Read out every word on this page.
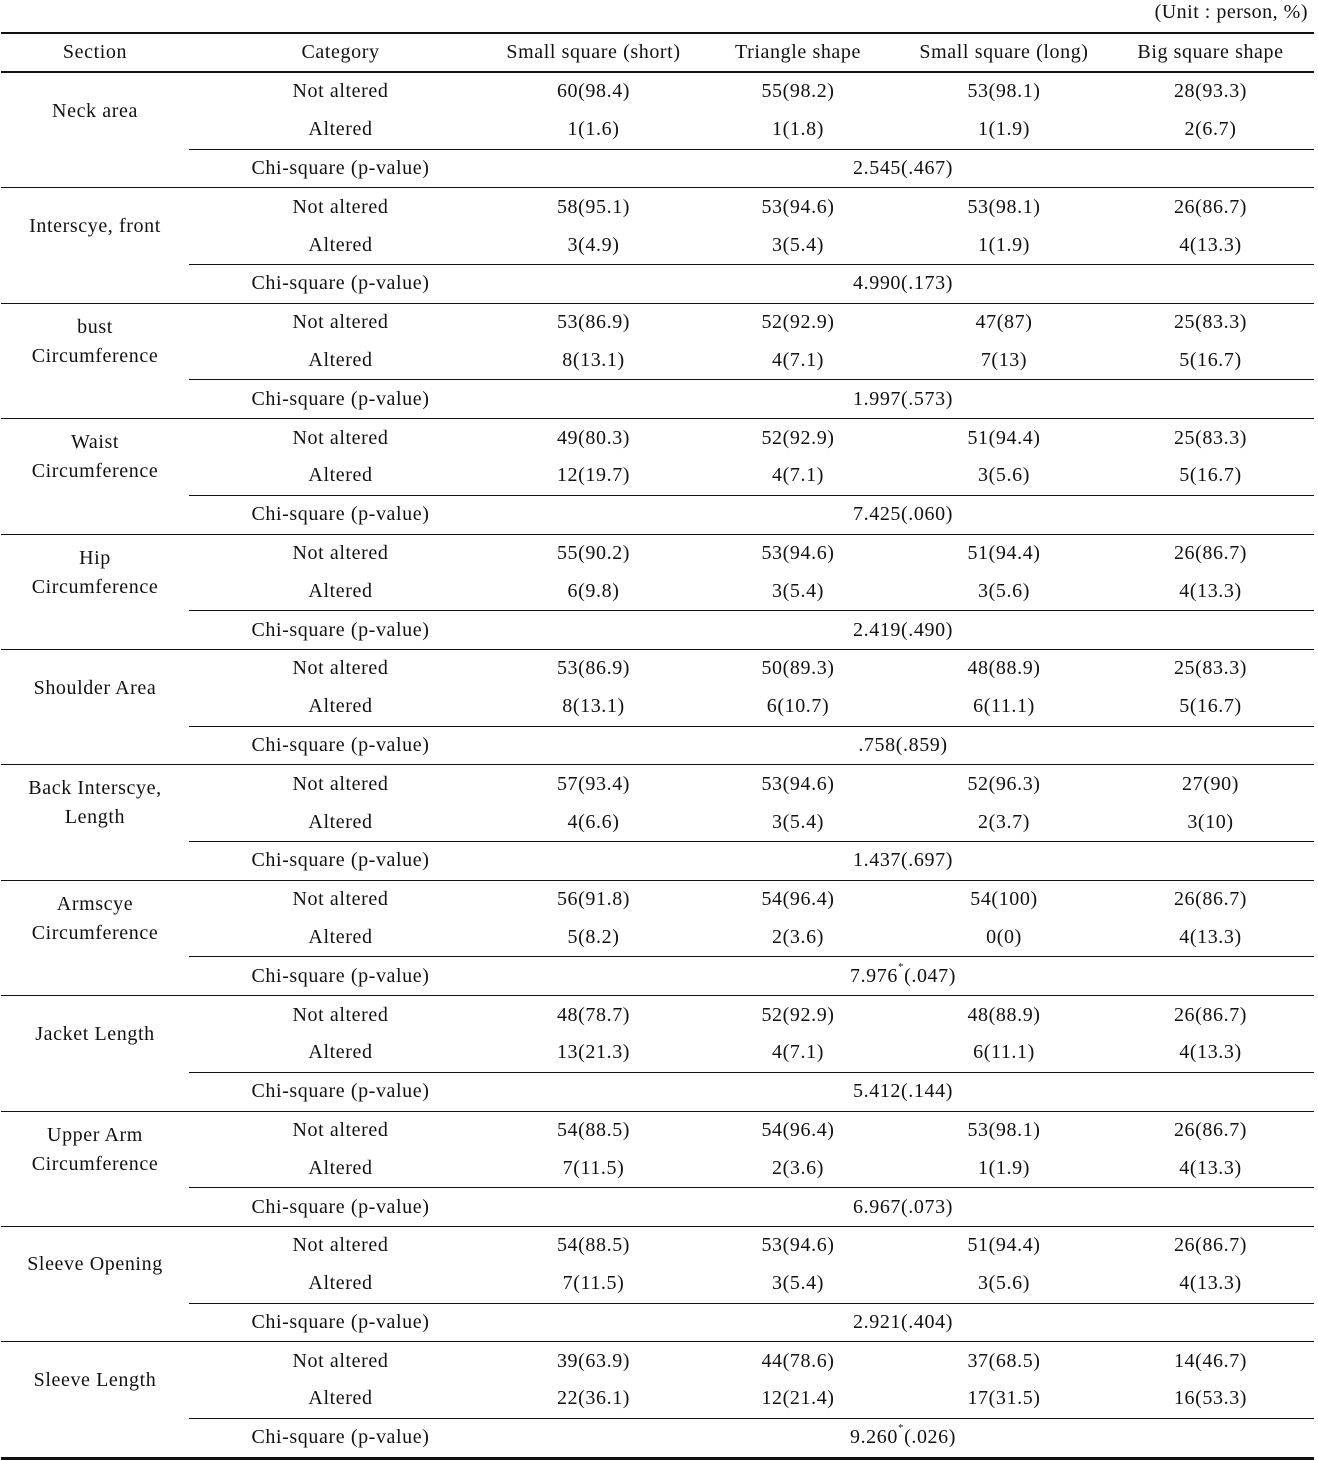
(Unit : person, %)
Section	Category	Small square (short)	Triangle shape	Small square (long)	Big square shape

Neck area	Not altered	60(98.4)	55(98.2)	53(98.1)	28(93.3)
	Altered	1(1.6)	1(1.8)	1(1.9)	2(6.7)
	Chi-square (p-value)	2.545(.467)			

Interscye, front	Not altered	58(95.1)	53(94.6)	53(98.1)	26(86.7)
	Altered	3(4.9)	3(5.4)	1(1.9)	4(13.3)
	Chi-square (p-value)	4.990(.173)			

bust
Circumference	Not altered	53(86.9)	52(92.9)	47(87)	25(83.3)
	Altered	8(13.1)	4(7.1)	7(13)	5(16.7)
	Chi-square (p-value)	1.997(.573)			

Waist
Circumference	Not altered	49(80.3)	52(92.9)	51(94.4)	25(83.3)
	Altered	12(19.7)	4(7.1)	3(5.6)	5(16.7)
	Chi-square (p-value)	7.425(.060)			

Hip
Circumference	Not altered	55(90.2)	53(94.6)	51(94.4)	26(86.7)
	Altered	6(9.8)	3(5.4)	3(5.6)	4(13.3)
	Chi-square (p-value)	2.419(.490)			

Shoulder Area	Not altered	53(86.9)	50(89.3)	48(88.9)	25(83.3)
	Altered	8(13.1)	6(10.7)	6(11.1)	5(16.7)
	Chi-square (p-value)	.758(.859)			

Back Interscye,
Length	Not altered	57(93.4)	53(94.6)	52(96.3)	27(90)
	Altered	4(6.6)	3(5.4)	2(3.7)	3(10)
	Chi-square (p-value)	1.437(.697)			

Armscye
Circumference	Not altered	56(91.8)	54(96.4)	54(100)	26(86.7)
	Altered	5(8.2)	2(3.6)	0(0)	4(13.3)
	Chi-square (p-value)	7.976*(.047)			

Jacket Length	Not altered	48(78.7)	52(92.9)	48(88.9)	26(86.7)
	Altered	13(21.3)	4(7.1)	6(11.1)	4(13.3)
	Chi-square (p-value)	5.412(.144)			

Upper Arm
Circumference	Not altered	54(88.5)	54(96.4)	53(98.1)	26(86.7)
	Altered	7(11.5)	2(3.6)	1(1.9)	4(13.3)
	Chi-square (p-value)	6.967(.073)			

Sleeve Opening	Not altered	54(88.5)	53(94.6)	51(94.4)	26(86.7)
	Altered	7(11.5)	3(5.4)	3(5.6)	4(13.3)
	Chi-square (p-value)	2.921(.404)			

Sleeve Length	Not altered	39(63.9)	44(78.6)	37(68.5)	14(46.7)
	Altered	22(36.1)	12(21.4)	17(31.5)	16(53.3)
	Chi-square (p-value)	9.260*(.026)			
